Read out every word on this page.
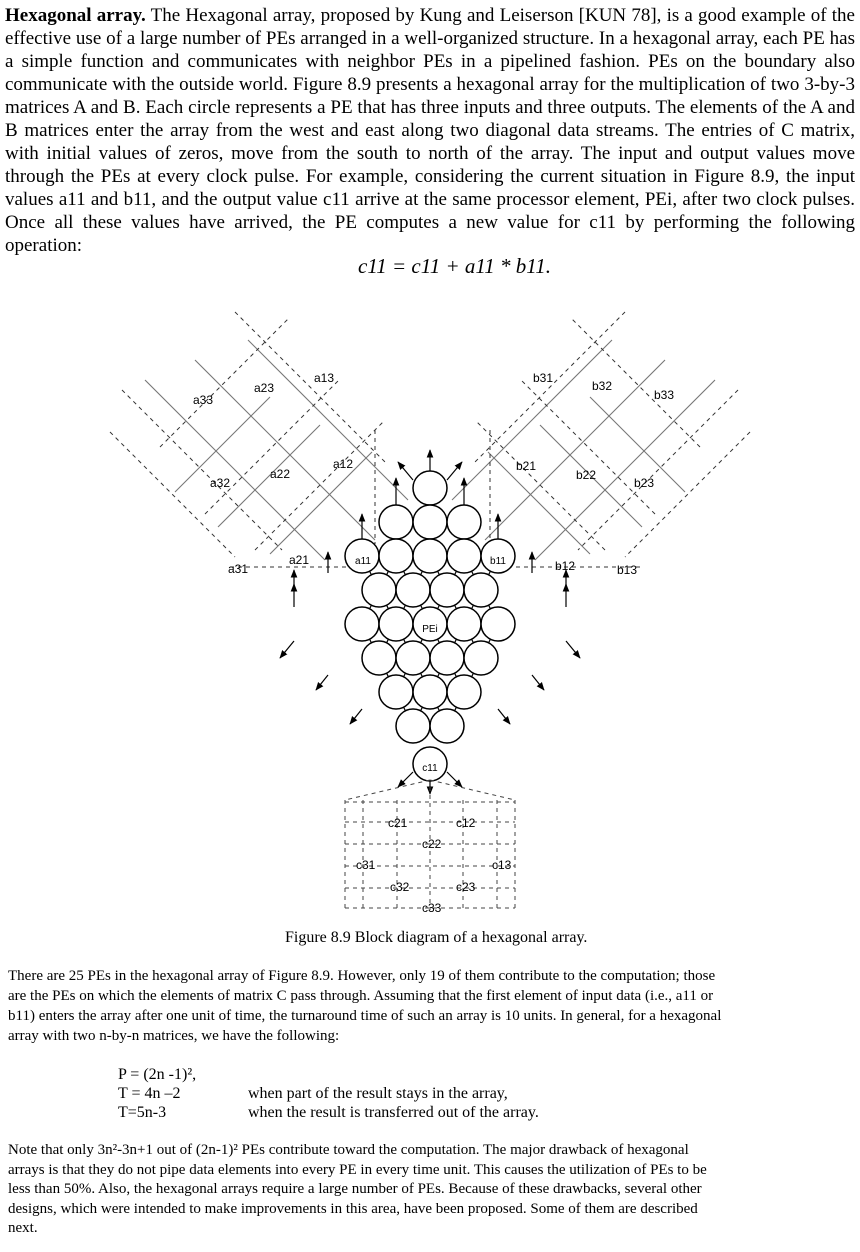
Hexagonal array. The Hexagonal array, proposed by Kung and Leiserson [KUN 78], is a good example of the effective use of a large number of PEs arranged in a well-organized structure. In a hexagonal array, each PE has a simple function and communicates with neighbor PEs in a pipelined fashion. PEs on the boundary also communicate with the outside world. Figure 8.9 presents a hexagonal array for the multiplication of two 3-by-3 matrices A and B. Each circle represents a PE that has three inputs and three outputs. The elements of the A and B matrices enter the array from the west and east along two diagonal data streams. The entries of C matrix, with initial values of zeros, move from the south to north of the array. The input and output values move through the PEs at every clock pulse. For example, considering the current situation in Figure 8.9, the input values a11 and b11, and the output value c11 arrive at the same processor element, PEi, after two clock pulses. Once all these values have arrived, the PE computes a new value for c11 by performing the following operation:
c11 = c11 + a11 * b11.
a33
a23
a13
a32
a22
a12
a31
a21
b31
b32
b33
b21
b22
b23
b12	b13
c21	c12
c22
c31	c13
c32	c23
c33
a11	b11
PEi
c11
Figure 8.9 Block diagram of a hexagonal array.
There are 25 PEs in the hexagonal array of Figure 8.9. However, only 19 of them contribute to the computation; those are the PEs on which the elements of matrix C pass through. Assuming that the first element of input data (i.e., a11 or b11) enters the array after one unit of time, the turnaround time of such an array is 10 units. In general, for a hexagonal array with two n-by-n matrices, we have the following:
P = (2n -1)²,
T = 4n –2	when part of the result stays in the array,
T=5n-3	when the result is transferred out of the array.
Note that only 3n²-3n+1 out of (2n-1)² PEs contribute toward the computation. The major drawback of hexagonal arrays is that they do not pipe data elements into every PE in every time unit. This causes the utilization of PEs to be less than 50%. Also, the hexagonal arrays require a large number of PEs. Because of these drawbacks, several other designs, which were intended to make improvements in this area, have been proposed. Some of them are described next.
